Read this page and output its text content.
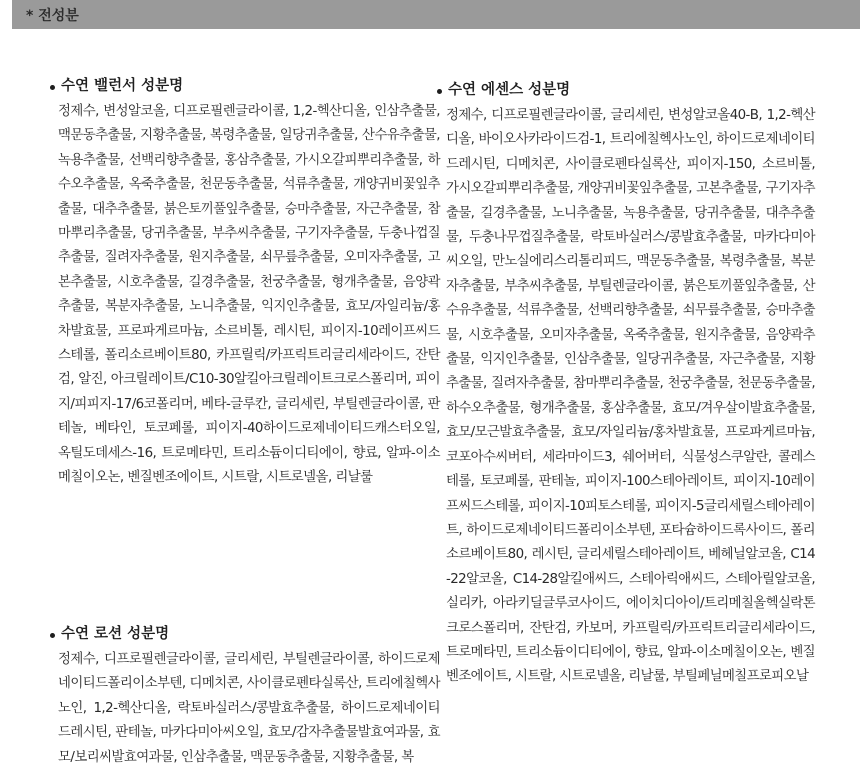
* 전성분
수연 밸런서 성분명
정제수, 변성알코올, 디프로필렌글라이콜, 1,2-헥산디올, 인삼추출물, 맥문동추출물, 지황추출물, 복령추출물, 일당귀추출물, 산수유추출물, 녹용추출물, 선백리향추출물, 홍삼추출물, 가시오갈피뿌리추출물, 하수오추출물, 옥죽추출물, 천문동추출물, 석류추출물, 개양귀비꽃잎추출물, 대추추출물, 붉은토끼풀잎추출물, 승마추출물, 자근추출물, 참마뿌리추출물, 당귀추출물, 부추씨추출물, 구기자추출물, 두충나껍질추출물, 질려자추출물, 원지추출물, 쇠무릎추출물, 오미자추출물, 고본추출물, 시호추출물, 길경추출물, 천궁추출물, 형개추출물, 음양곽추출물, 복분자추출물, 노니추출물, 익지인추출물, 효모/자일리늄/홍차발효물, 프로파게르마늄, 소르비톨, 레시틴, 피이지-10레이프씨드스테롤, 폴리소르베이트80, 카프릴릭/카프릭트리글리세라이드, 잔탄검, 알진, 아크릴레이트/C10-30알킬아크릴레이트크로스폴리머, 피이지/피피지-17/6코폴리머, 베타-글루칸, 글리세린, 부틸렌글라이콜, 판테놀, 베타인, 토코페롤, 피이지-40하이드로제네이티드캐스터오일, 옥틸도데세스-16, 트로메타민, 트리소듐이디티에이, 향료, 알파-이소메칠이오논, 벤질벤조에이트, 시트랄, 시트로넬올, 리날룰
수연 로션 성분명
정제수, 디프로필렌글라이콜, 글리세린, 부틸렌글라이콜, 하이드로제네이티드폴리이소부텐, 디메치콘, 사이클로펜타실록산, 트리에칠헥사노인, 1,2-헥산디올, 락토바실러스/콩발효추출물, 하이드로제네이티드레시틴, 판테놀, 마카다미아씨오일, 효모/감자추출물발효여과물, 효모/보리씨발효여과물, 인삼추출물, 맥문동추출물, 지황추출물, 복
수연 에센스 성분명
정제수, 디프로필렌글라이콜, 글리세린, 변성알코올40-B, 1,2-헥산디올, 바이오사카라이드검-1, 트리에칠헥사노인, 하이드로제네이티드레시틴, 디메치콘, 사이클로펜타실록산, 피이지-150, 소르비톨, 가시오갈피뿌리추출물, 개양귀비꽃잎추출물, 고본추출물, 구기자추출물, 길경추출물, 노니추출물, 녹용추출물, 당귀추출물, 대추추출물, 두충나무껍질추출물, 락토바실러스/콩발효추출물, 마카다미아씨오일, 만노실에리스리톨리피드, 맥문동추출물, 복령추출물, 복분자추출물, 부추씨추출물, 부틸렌글라이콜, 붉은토끼풀잎추출물, 산수유추출물, 석류추출물, 선백리향추출물, 쇠무릎추출물, 승마추출물, 시호추출물, 오미자추출물, 옥죽추출물, 원지추출물, 음양곽추출물, 익지인추출물, 인삼추출물, 일당귀추출물, 자근추출물, 지황추출물, 질려자추출물, 참마뿌리추출물, 천궁추출물, 천문동추출물, 하수오추출물, 형개추출물, 홍삼추출물, 효모/겨우살이발효추출물, 효모/모근발효추출물, 효모/자일리늄/홍차발효물, 프로파게르마늄, 코포아수씨버터, 세라마이드3, 쉐어버터, 식물성스쿠알란, 콜레스테롤, 토코페롤, 판테놀, 피이지-100스테아레이트, 피이지-10레이프씨드스테롤, 피이지-10피토스테롤, 피이지-5글리세릴스테아레이트, 하이드로제네이티드폴리이소부텐, 포타슘하이드록사이드, 폴리소르베이트80, 레시틴, 글리세릴스테아레이트, 베헤닐알코올, C14-22알코올, C14-28알킬애씨드, 스테아릭애씨드, 스테아릴알코올, 실리카, 아라키딜글루코사이드, 에이치디아이/트리메칠올헥실락톤크로스폴리머, 잔탄검, 카보머, 카프릴릭/카프릭트리글리세라이드, 트로메타민, 트리소듐이디티에이, 향료, 알파-이소메칠이오논, 벤질벤조에이트, 시트랄, 시트로넬올, 리날룰, 부틸페닐메칠프로피오날
